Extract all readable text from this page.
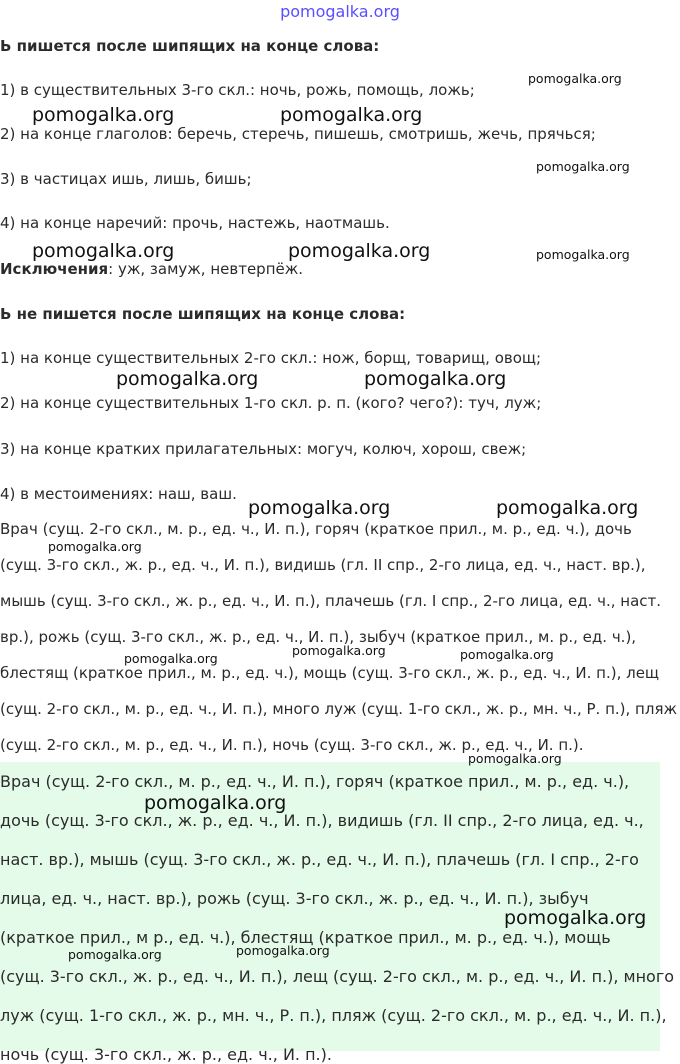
pomogalka.org
Ь пишется после шипящих на конце слова:
1) в существительных 3-го скл.: ночь, рожь, помощь, ложь;
2) на конце глаголов: беречь, стеречь, пишешь, смотришь, жечь, прячься;
3) в частицах ишь, лишь, бишь;
4) на конце наречий: прочь, настежь, наотмашь.
Исключения: уж, замуж, невтерпёж.
Ь не пишется после шипящих на конце слова:
1) на конце существительных 2-го скл.: нож, борщ, товарищ, овощ;
2) на конце существительных 1-го скл. р. п. (кого? чего?): туч, луж;
3) на конце кратких прилагательных: могуч, колюч, хорош, свеж;
4) в местоимениях: наш, ваш.
Врач (сущ. 2-го скл., м. р., ед. ч., И. п.), горяч (краткое прил., м. р., ед. ч.), дочь
(сущ. 3-го скл., ж. р., ед. ч., И. п.), видишь (гл. II спр., 2-го лица, ед. ч., наст. вр.),
мышь (сущ. 3-го скл., ж. р., ед. ч., И. п.), плачешь (гл. I спр., 2-го лица, ед. ч., наст.
вр.), рожь (сущ. 3-го скл., ж. р., ед. ч., И. п.), зыбуч (краткое прил., м. р., ед. ч.),
блестящ (краткое прил., м. р., ед. ч.), мощь (сущ. 3-го скл., ж. р., ед. ч., И. п.), лещ
(сущ. 2-го скл., м. р., ед. ч., И. п.), много луж (сущ. 1-го скл., ж. р., мн. ч., Р. п.), пляж
(сущ. 2-го скл., м. р., ед. ч., И. п.), ночь (сущ. 3-го скл., ж. р., ед. ч., И. п.).
Врач (сущ. 2-го скл., м. р., ед. ч., И. п.), горяч (краткое прил., м. р., ед. ч.),
дочь (сущ. 3-го скл., ж. р., ед. ч., И. п.), видишь (гл. II спр., 2-го лица, ед. ч.,
наст. вр.), мышь (сущ. 3-го скл., ж. р., ед. ч., И. п.), плачешь (гл. I спр., 2-го
лица, ед. ч., наст. вр.), рожь (сущ. 3-го скл., ж. р., ед. ч., И. п.), зыбуч
(краткое прил., м р., ед. ч.), блестящ (краткое прил., м. р., ед. ч.), мощь
(сущ. 3-го скл., ж. р., ед. ч., И. п.), лещ (сущ. 2-го скл., м. р., ед. ч., И. п.), много
луж (сущ. 1-го скл., ж. р., мн. ч., Р. п.), пляж (сущ. 2-го скл., м. р., ед. ч., И. п.),
ночь (сущ. 3-го скл., ж. р., ед. ч., И. п.).
pomogalka.org
pomogalka.org	pomogalka.org
pomogalka.org
pomogalka.org	pomogalka.org	pomogalka.org
pomogalka.org	pomogalka.org
pomogalka.org	pomogalka.org
pomogalka.org
pomogalka.org
pomogalka.org	pomogalka.org
pomogalka.org
pomogalka.org
pomogalka.org
pomogalka.org
pomogalka.org
